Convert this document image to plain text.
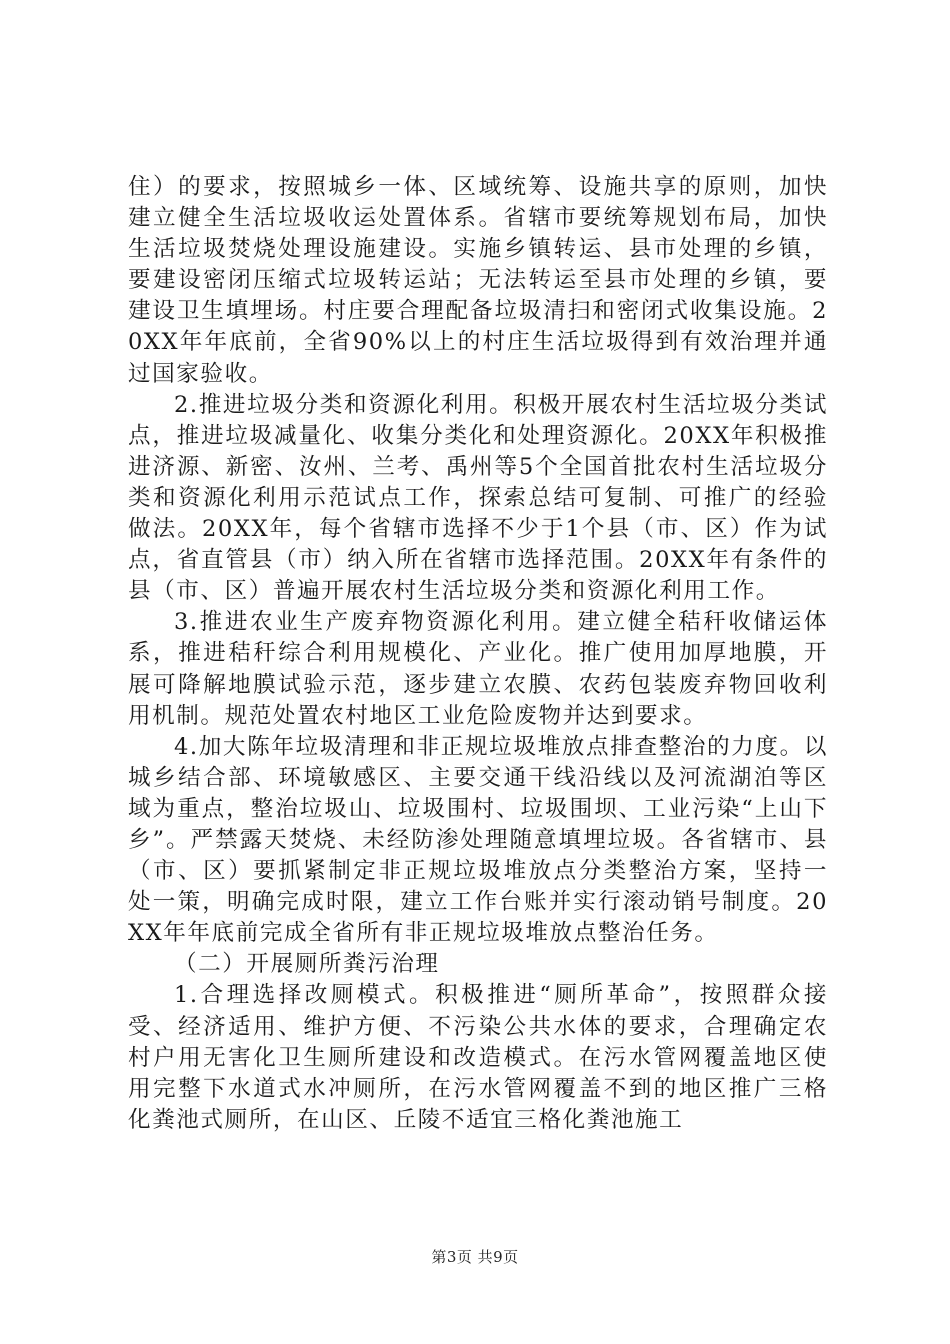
住）的要求，按照城乡一体、区域统筹、设施共享的原则，加快建立健全生活垃圾收运处置体系。省辖市要统筹规划布局，加快生活垃圾焚烧处理设施建设。实施乡镇转运、县市处理的乡镇，要建设密闭压缩式垃圾转运站；无法转运至县市处理的乡镇，要建设卫生填埋场。村庄要合理配备垃圾清扫和密闭式收集设施。20XX年年底前，全省90%以上的村庄生活垃圾得到有效治理并通过国家验收。

2.推进垃圾分类和资源化利用。积极开展农村生活垃圾分类试点，推进垃圾减量化、收集分类化和处理资源化。20XX年积极推进济源、新密、汝州、兰考、禹州等5个全国首批农村生活垃圾分类和资源化利用示范试点工作，探索总结可复制、可推广的经验做法。20XX年，每个省辖市选择不少于1个县（市、区）作为试点，省直管县（市）纳入所在省辖市选择范围。20XX年有条件的县（市、区）普遍开展农村生活垃圾分类和资源化利用工作。

3.推进农业生产废弃物资源化利用。建立健全秸秆收储运体系，推进秸秆综合利用规模化、产业化。推广使用加厚地膜，开展可降解地膜试验示范，逐步建立农膜、农药包装废弃物回收利用机制。规范处置农村地区工业危险废物并达到要求。

4.加大陈年垃圾清理和非正规垃圾堆放点排查整治的力度。以城乡结合部、环境敏感区、主要交通干线沿线以及河流湖泊等区域为重点，整治垃圾山、垃圾围村、垃圾围坝、工业污染“上山下乡”。严禁露天焚烧、未经防渗处理随意填埋垃圾。各省辖市、县（市、区）要抓紧制定非正规垃圾堆放点分类整治方案，坚持一处一策，明确完成时限，建立工作台账并实行滚动销号制度。20XX年年底前完成全省所有非正规垃圾堆放点整治任务。

（二）开展厕所粪污治理

1.合理选择改厕模式。积极推进“厕所革命”，按照群众接受、经济适用、维护方便、不污染公共水体的要求，合理确定农村户用无害化卫生厕所建设和改造模式。在污水管网覆盖地区使用完整下水道式水冲厕所，在污水管网覆盖不到的地区推广三格化粪池式厕所，在山区、丘陵不适宜三格化粪池施工

第3页 共9页
